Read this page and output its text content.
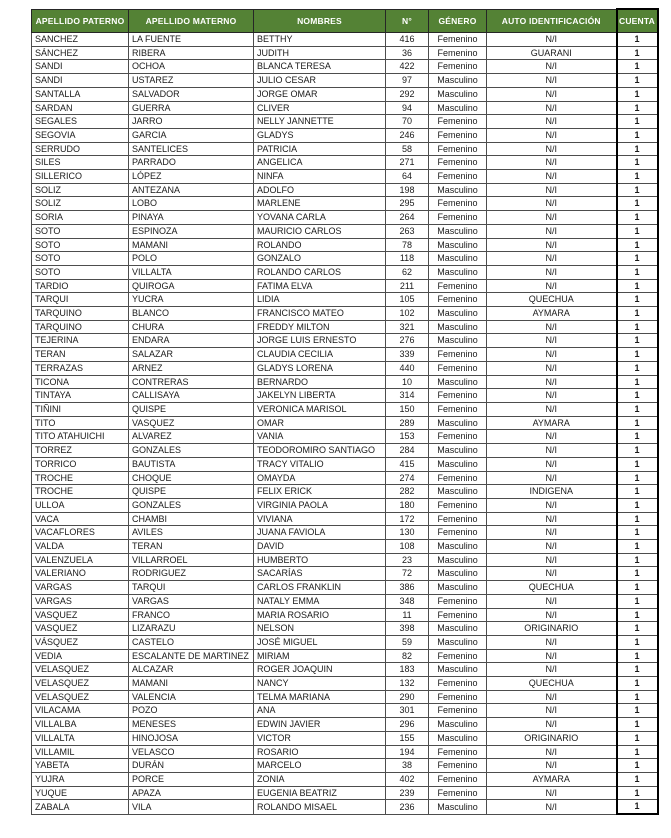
APELLIDO PATERNO	APELLIDO MATERNO	NOMBRES	N°	GÉNERO	AUTO IDENTIFICACIÓN	CUENTA
SANCHEZ	LA FUENTE	BETTHY	416	Femenino	N/I	1
SÁNCHEZ	RIBERA	JUDITH	36	Femenino	GUARANI	1
SANDI	OCHOA	BLANCA TERESA	422	Femenino	N/I	1
SANDI	USTAREZ	JULIO CESAR	97	Masculino	N/I	1
SANTALLA	SALVADOR	JORGE OMAR	292	Masculino	N/I	1
SARDAN	GUERRA	CLIVER	94	Masculino	N/I	1
SEGALES	JARRO	NELLY JANNETTE	70	Femenino	N/I	1
SEGOVIA	GARCIA	GLADYS	246	Femenino	N/I	1
SERRUDO	SANTELICES	PATRICIA	58	Femenino	N/I	1
SILES	PARRADO	ANGELICA	271	Femenino	N/I	1
SILLERICO	LÓPEZ	NINFA	64	Femenino	N/I	1
SOLIZ	ANTEZANA	ADOLFO	198	Masculino	N/I	1
SOLIZ	LOBO	MARLENE	295	Femenino	N/I	1
SORIA	PINAYA	YOVANA CARLA	264	Femenino	N/I	1
SOTO	ESPINOZA	MAURICIO CARLOS	263	Masculino	N/I	1
SOTO	MAMANI	ROLANDO	78	Masculino	N/I	1
SOTO	POLO	GONZALO	118	Masculino	N/I	1
SOTO	VILLALTA	ROLANDO CARLOS	62	Masculino	N/I	1
TARDIO	QUIROGA	FATIMA ELVA	211	Femenino	N/I	1
TARQUI	YUCRA	LIDIA	105	Femenino	QUECHUA	1
TARQUINO	BLANCO	FRANCISCO MATEO	102	Masculino	AYMARA	1
TARQUINO	CHURA	FREDDY MILTON	321	Masculino	N/I	1
TEJERINA	ENDARA	JORGE LUIS ERNESTO	276	Masculino	N/I	1
TERAN	SALAZAR	CLAUDIA CECILIA	339	Femenino	N/I	1
TERRAZAS	ARNEZ	GLADYS LORENA	440	Femenino	N/I	1
TICONA	CONTRERAS	BERNARDO	10	Masculino	N/I	1
TINTAYA	CALLISAYA	JAKELYN LIBERTA	314	Femenino	N/I	1
TIÑINI	QUISPE	VERONICA MARISOL	150	Femenino	N/I	1
TITO	VASQUEZ	OMAR	289	Masculino	AYMARA	1
TITO ATAHUICHI	ALVAREZ	VANIA	153	Femenino	N/I	1
TORREZ	GONZALES	TEODOROMIRO SANTIAGO	284	Masculino	N/I	1
TORRICO	BAUTISTA	TRACY VITALIO	415	Masculino	N/I	1
TROCHE	CHOQUE	OMAYDA	274	Femenino	N/I	1
TROCHE	QUISPE	FELIX ERICK	282	Masculino	INDIGENA	1
ULLOA	GONZALES	VIRGINIA PAOLA	180	Femenino	N/I	1
VACA	CHAMBI	VIVIANA	172	Femenino	N/I	1
VACAFLORES	AVILES	JUANA FAVIOLA	130	Femenino	N/I	1
VALDA	TERAN	DAVID	108	Masculino	N/I	1
VALENZUELA	VILLARROEL	HUMBERTO	23	Masculino	N/I	1
VALERIANO	RODRIGUEZ	SACARÍAS	72	Masculino	N/I	1
VARGAS	TARQUI	CARLOS FRANKLIN	386	Masculino	QUECHUA	1
VARGAS	VARGAS	NATALY EMMA	348	Femenino	N/I	1
VASQUEZ	FRANCO	MARIA ROSARIO	11	Femenino	N/I	1
VASQUEZ	LIZARAZU	NELSON	398	Masculino	ORIGINARIO	1
VÁSQUEZ	CASTELO	JOSÉ MIGUEL	59	Masculino	N/I	1
VEDIA	ESCALANTE DE MARTINEZ	MIRIAM	82	Femenino	N/I	1
VELASQUEZ	ALCAZAR	ROGER JOAQUIN	183	Masculino	N/I	1
VELASQUEZ	MAMANI	NANCY	132	Femenino	QUECHUA	1
VELASQUEZ	VALENCIA	TELMA MARIANA	290	Femenino	N/I	1
VILACAMA	POZO	ANA	301	Femenino	N/I	1
VILLALBA	MENESES	EDWIN JAVIER	296	Masculino	N/I	1
VILLALTA	HINOJOSA	VICTOR	155	Masculino	ORIGINARIO	1
VILLAMIL	VELASCO	ROSARIO	194	Femenino	N/I	1
YABETA	DURÁN	MARCELO	38	Femenino	N/I	1
YUJRA	PORCE	ZONIA	402	Femenino	AYMARA	1
YUQUE	APAZA	EUGENIA BEATRIZ	239	Femenino	N/I	1
ZABALA	VILA	ROLANDO MISAEL	236	Masculino	N/I	1
